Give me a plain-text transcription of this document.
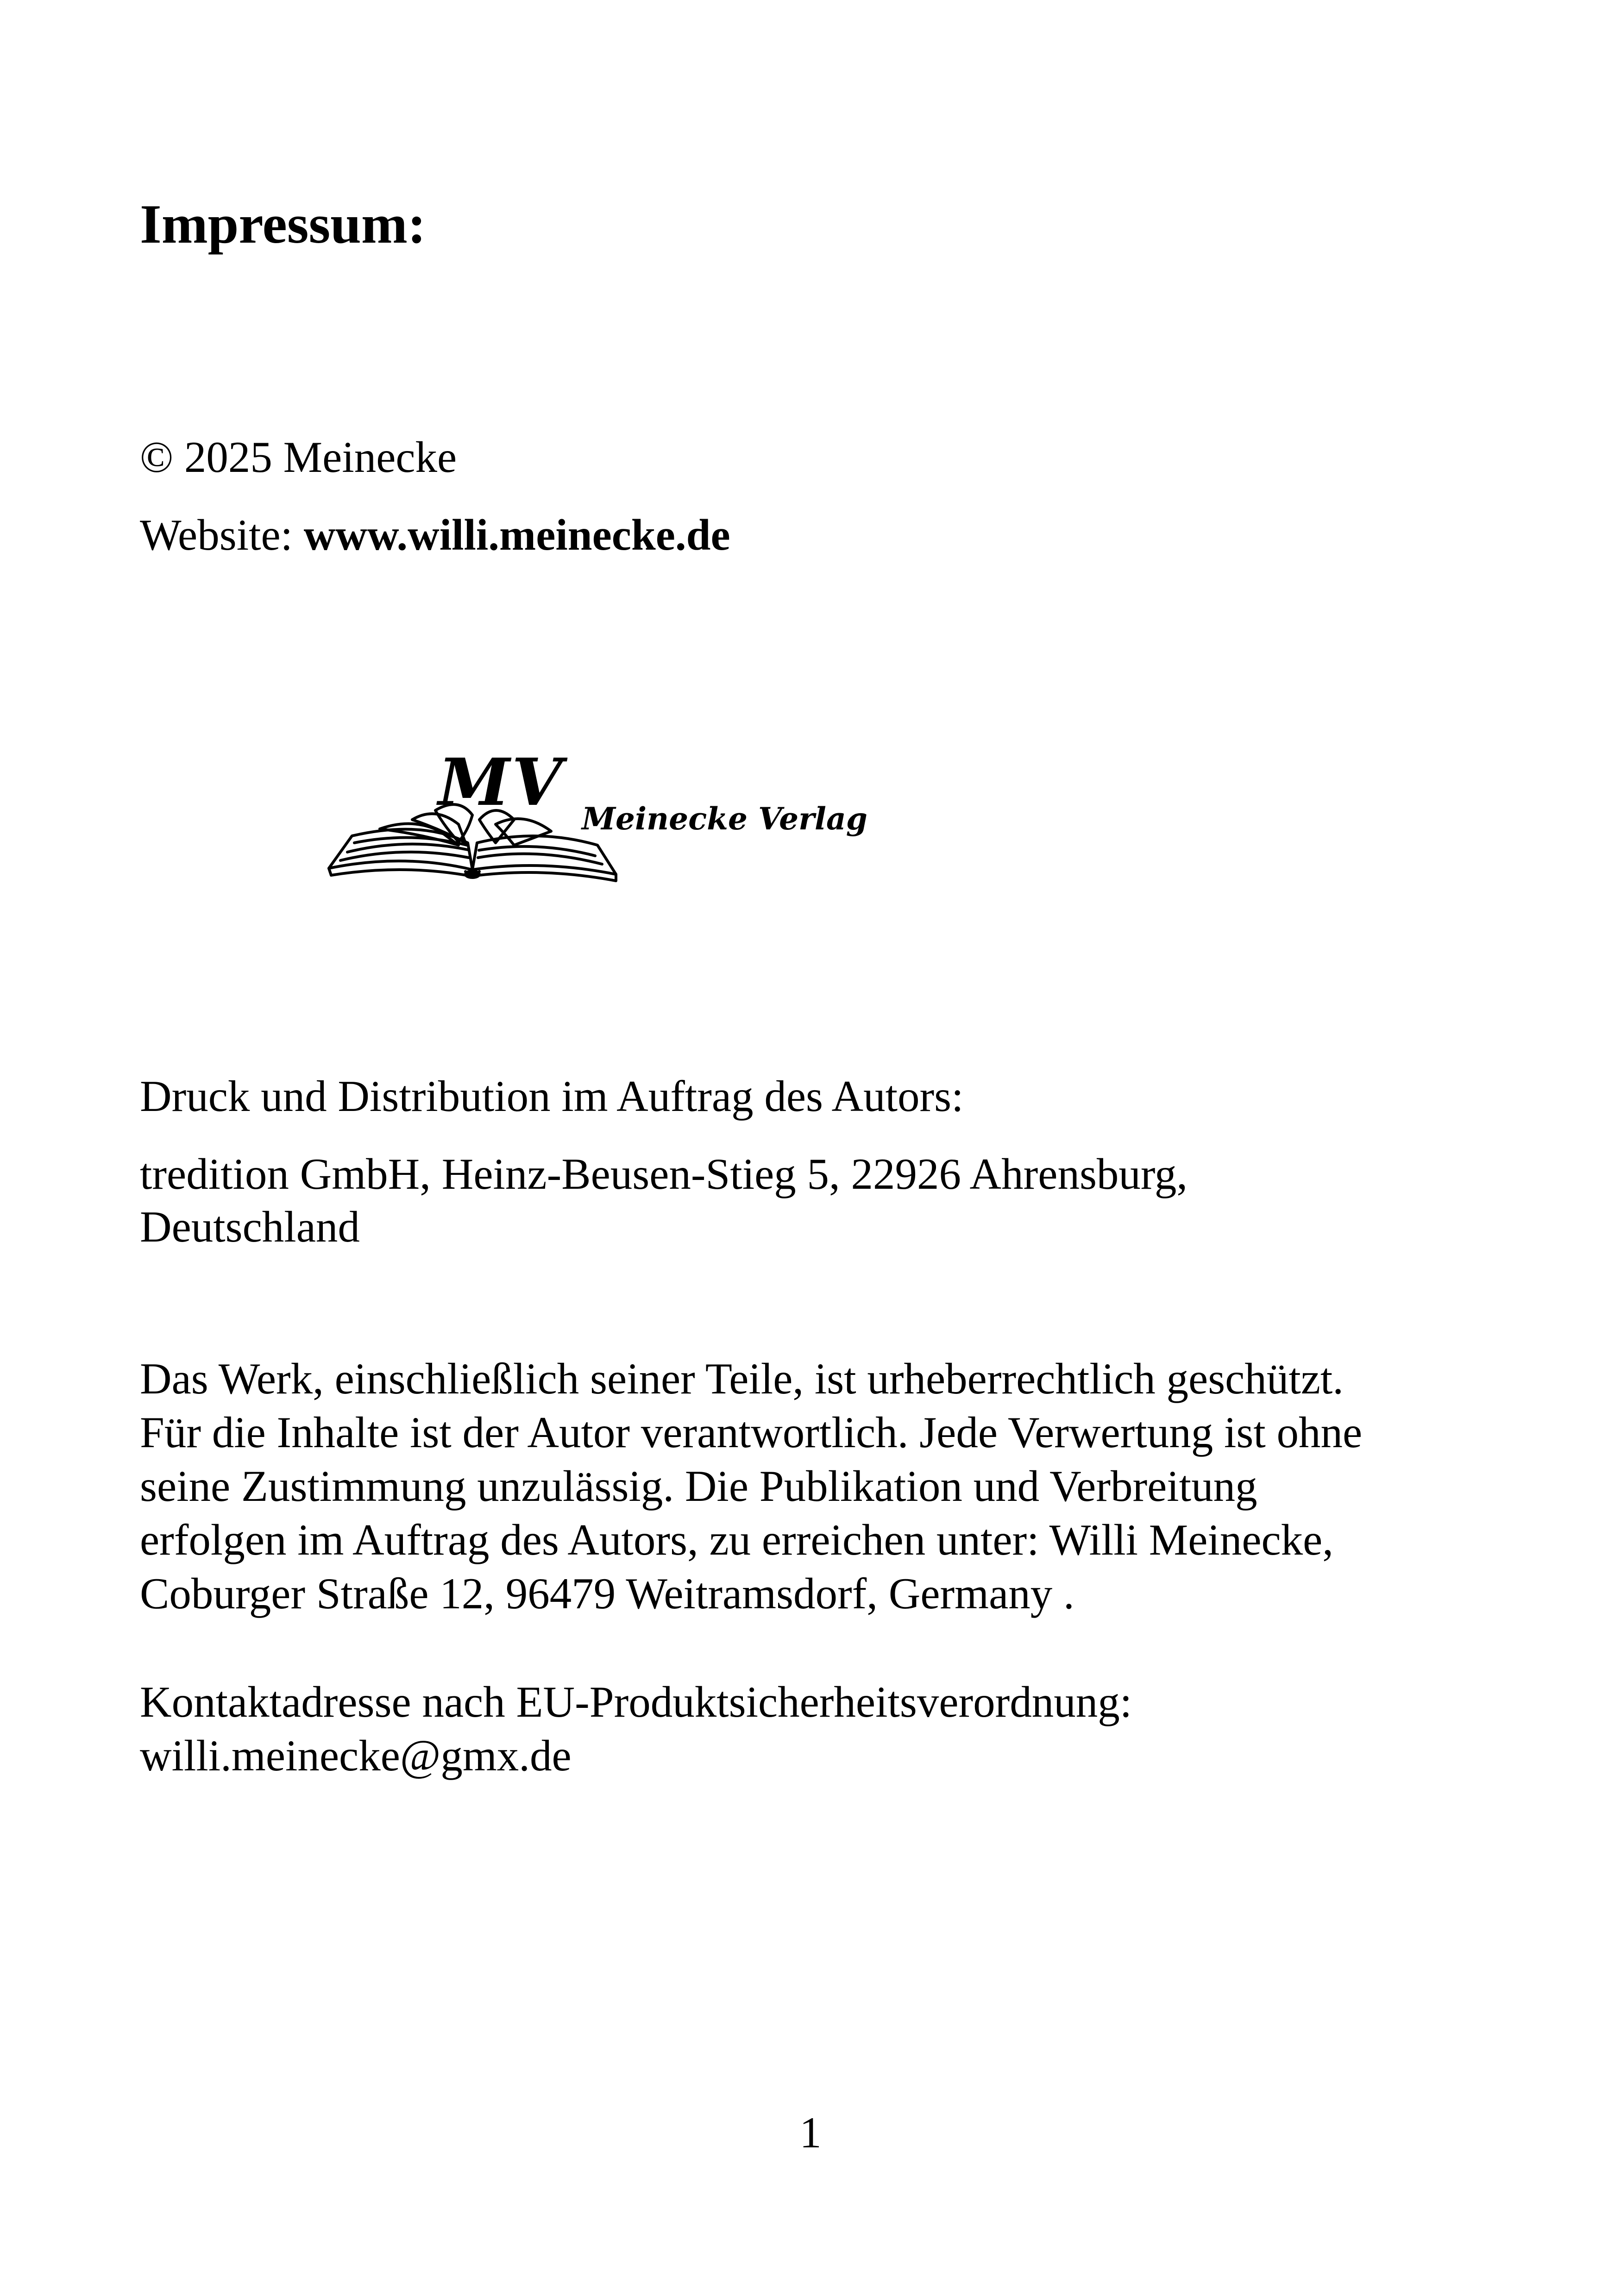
Impressum:

© 2025 Meinecke

Website: www.willi.meinecke.de

MV Meinecke Verlag

Druck und Distribution im Auftrag des Autors:

tredition GmbH, Heinz-Beusen-Stieg 5, 22926 Ahrensburg,

Deutschland

Das Werk, einschließlich seiner Teile, ist urheberrechtlich geschützt.

Für die Inhalte ist der Autor verantwortlich. Jede Verwertung ist ohne

seine Zustimmung unzulässig. Die Publikation und Verbreitung

erfolgen im Auftrag des Autors, zu erreichen unter: Willi Meinecke,

Coburger Straße 12, 96479 Weitramsdorf, Germany .

Kontaktadresse nach EU-Produktsicherheitsverordnung:

willi.meinecke@gmx.de

1
